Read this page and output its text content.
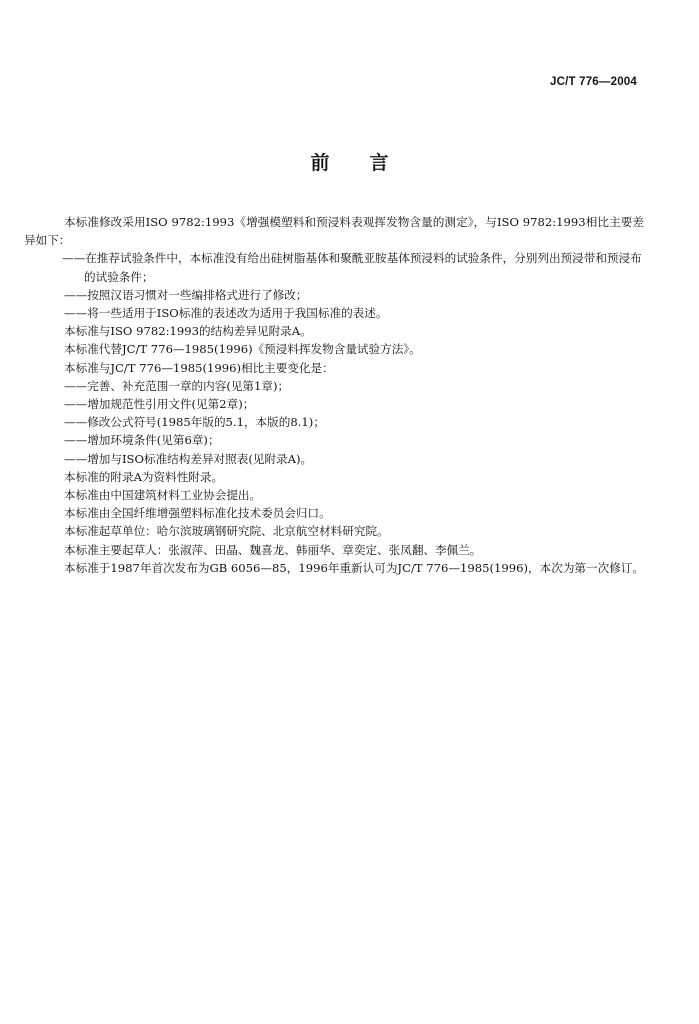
JC/T 776—2004
前 言

本标准修改采用ISO 9782:1993《增强模塑料和预浸料表观挥发物含量的测定》，与ISO 9782:1993相比主要差异如下：

——在推荐试验条件中，本标准没有给出硅树脂基体和聚酰亚胺基体预浸料的试验条件，分别列出预浸带和预浸布的试验条件；

——按照汉语习惯对一些编排格式进行了修改；

——将一些适用于ISO标准的表述改为适用于我国标准的表述。

本标准与ISO 9782:1993的结构差异见附录A。

本标准代替JC/T 776—1985(1996)《预浸料挥发物含量试验方法》。

本标准与JC/T 776—1985(1996)相比主要变化是：

——完善、补充范围一章的内容(见第1章)；

——增加规范性引用文件(见第2章)；

——修改公式符号(1985年版的5.1，本版的8.1)；

——增加环境条件(见第6章)；

——增加与ISO标准结构差异对照表(见附录A)。

本标准的附录A为资料性附录。

本标准由中国建筑材料工业协会提出。

本标准由全国纤维增强塑料标准化技术委员会归口。

本标准起草单位：哈尔滨玻璃钢研究院、北京航空材料研究院。

本标准主要起草人：张淑萍、田晶、魏喜龙、韩丽华、章奕定、张凤翻、李佩兰。

本标准于1987年首次发布为GB 6056—85，1996年重新认可为JC/T 776—1985(1996)，本次为第一次修订。
